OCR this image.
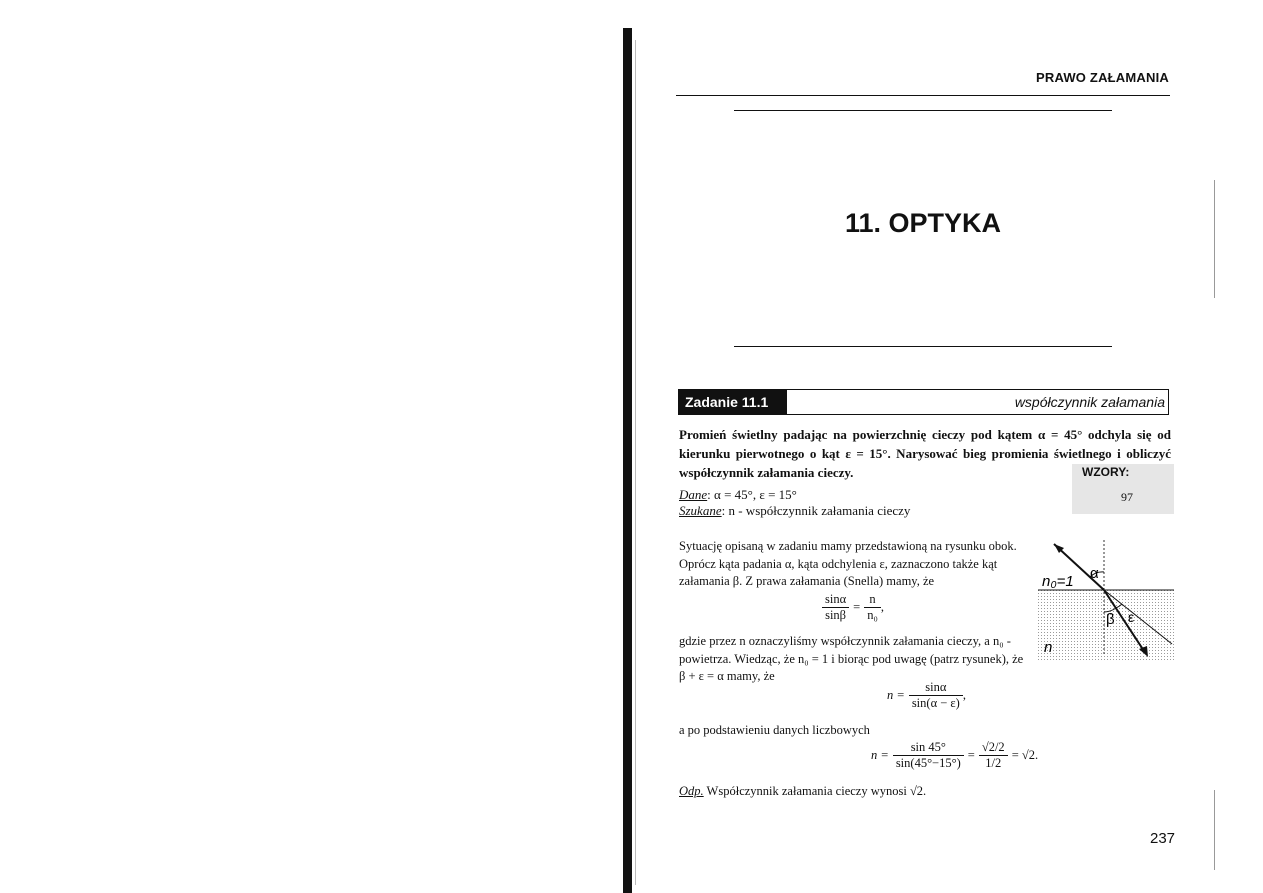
PRAWO ZAŁAMANIA
11. OPTYKA
Zadanie 11.1	współczynnik załamania
Promień świetlny padając na powierzchnię cieczy pod kątem α = 45° odchyla się od kierunku pierwotnego o kąt ε = 15°. Narysować bieg promienia świetlnego i obliczyć współczynnik załamania cieczy.	WZORY:
97
Dane: α = 45°, ε = 15°
Szukane: n - współczynnik załamania cieczy
Sytuację opisaną w zadaniu mamy przedstawioną na rysunku obok. Oprócz kąta padania α, kąta odchylenia ε, zaznaczono także kąt załamania β. Z prawa załamania (Snella) mamy, że
$\frac{\sin\alpha}{\sin\beta} = \frac{n}{\text{n₀}}$ ,
gdzie przez n oznaczyliśmy współczynnik załamania cieczy, a n₀ - powietrza. Wiedząc, że n₀ = 1 i biorąc pod uwagę (patrz rysunek), że β + ε = α mamy, że
$n = \frac{\sin\alpha}{\sin(\alpha - \varepsilon)}$ ,
a po podstawieniu danych liczbowych
$n = \frac{\sin 45^\circ}{\sin(45^\circ-15^\circ)} = \frac{√2/2}{1/2} = √2$.
Odp. Współczynnik załamania cieczy wynosi √2.
α
n₀=1
β ε
n
237
